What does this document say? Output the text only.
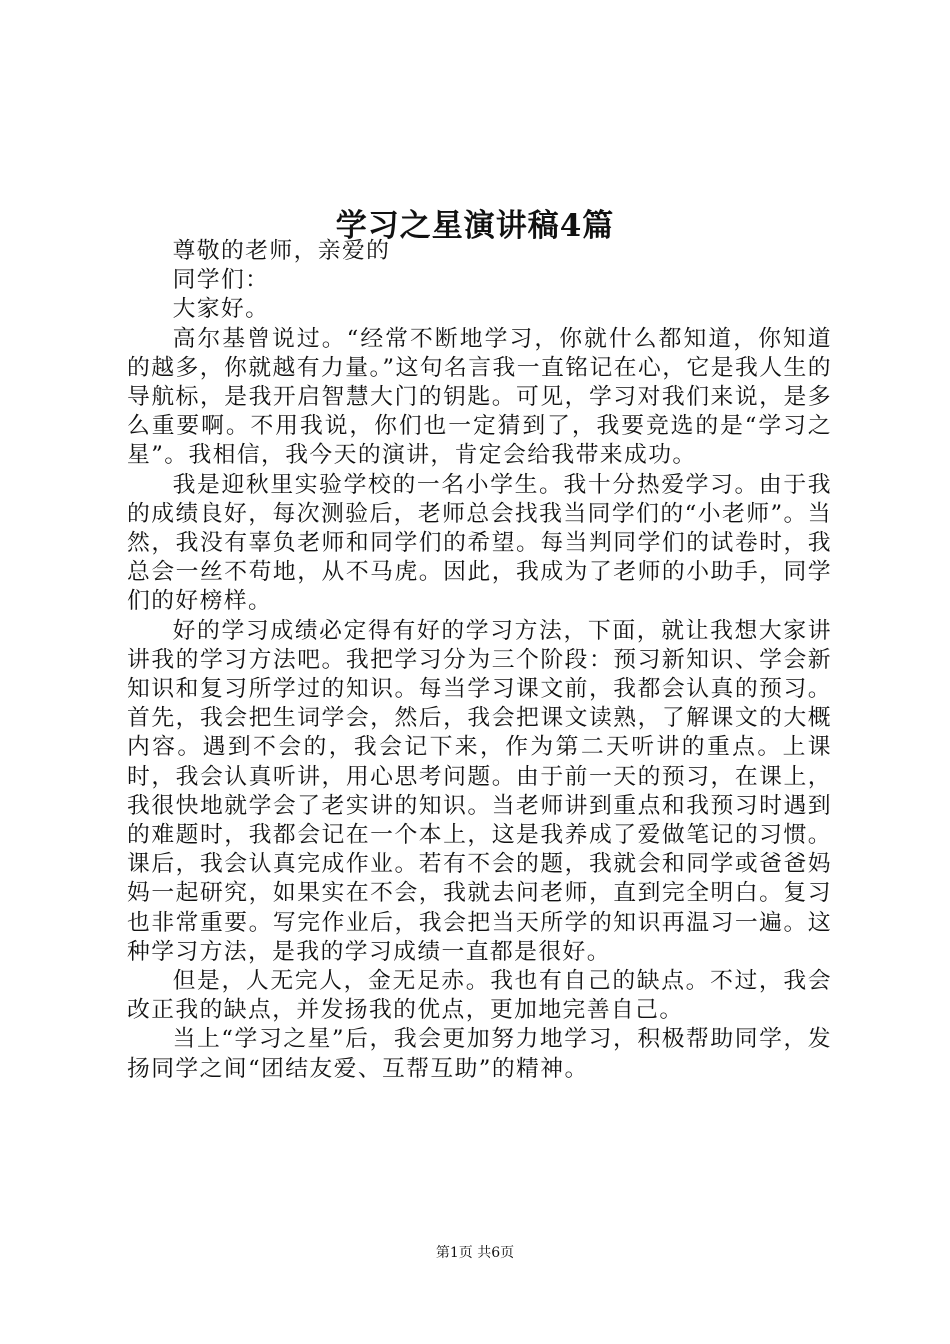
学习之星演讲稿4篇

尊敬的老师，亲爱的

同学们：

大家好。

高尔基曾说过。“经常不断地学习，你就什么都知道，你知道的越多，你就越有力量。”这句名言我一直铭记在心，它是我人生的导航标，是我开启智慧大门的钥匙。可见，学习对我们来说，是多么重要啊。不用我说，你们也一定猜到了，我要竞选的是“学习之星”。我相信，我今天的演讲，肯定会给我带来成功。

我是迎秋里实验学校的一名小学生。我十分热爱学习。由于我的成绩良好，每次测验后，老师总会找我当同学们的“小老师”。当然，我没有辜负老师和同学们的希望。每当判同学们的试卷时，我总会一丝不苟地，从不马虎。因此，我成为了老师的小助手，同学们的好榜样。

好的学习成绩必定得有好的学习方法，下面，就让我想大家讲讲我的学习方法吧。我把学习分为三个阶段：预习新知识、学会新知识和复习所学过的知识。每当学习课文前，我都会认真的预习。首先，我会把生词学会，然后，我会把课文读熟，了解课文的大概内容。遇到不会的，我会记下来，作为第二天听讲的重点。上课时，我会认真听讲，用心思考问题。由于前一天的预习，在课上，我很快地就学会了老实讲的知识。当老师讲到重点和我预习时遇到的难题时，我都会记在一个本上，这是我养成了爱做笔记的习惯。课后，我会认真完成作业。若有不会的题，我就会和同学或爸爸妈妈一起研究，如果实在不会，我就去问老师，直到完全明白。复习也非常重要。写完作业后，我会把当天所学的知识再温习一遍。这种学习方法，是我的学习成绩一直都是很好。

但是，人无完人，金无足赤。我也有自己的缺点。不过，我会改正我的缺点，并发扬我的优点，更加地完善自己。

当上“学习之星”后，我会更加努力地学习，积极帮助同学，发扬同学之间“团结友爱、互帮互助”的精神。

第1页 共6页
